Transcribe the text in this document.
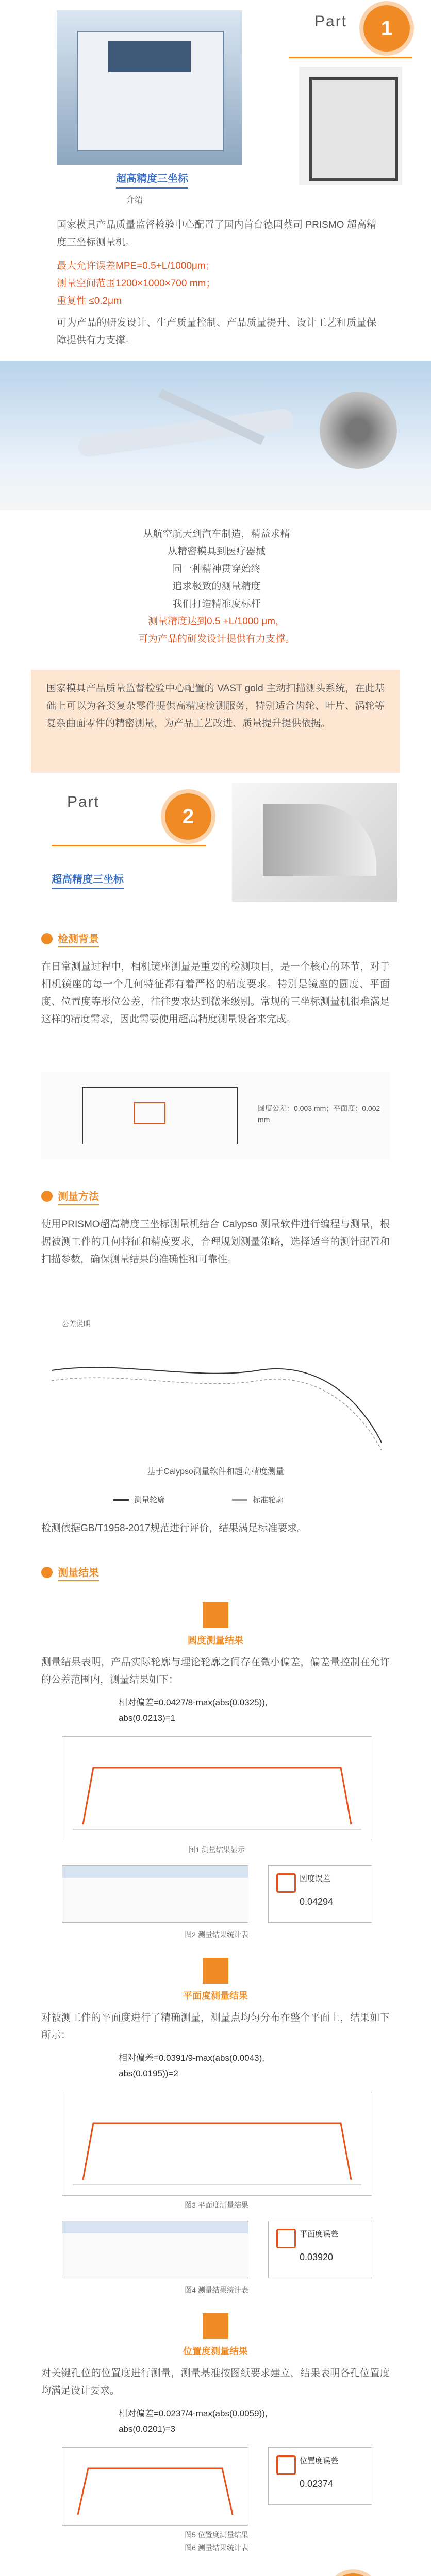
超高精度三坐标
介绍
Part	1
国家模具产品质量监督检验中心配置了国内首台德国蔡司 PRISMO 超高精度三坐标测量机。
最大允许误差MPE=0.5+L/1000μm；
测量空间范围1200×1000×700 mm；
重复性 ≤0.2μm
可为产品的研发设计、生产质量控制、产品质量提升、设计工艺和质量保障提供有力支撑。
从航空航天到汽车制造，精益求精
从精密模具到医疗器械
同一种精神贯穿始终
追求极致的测量精度
我们打造精准度标杆
测量精度达到0.5 +L/1000 μm，
可为产品的研发设计提供有力支撑。
国家模具产品质量监督检验中心配置的 VAST gold 主动扫描测头系统，在此基础上可以为各类复杂零件提供高精度检测服务，特别适合齿轮、叶片、涡轮等复杂曲面零件的精密测量，为产品工艺改进、质量提升提供依据。
Part
2
超高精度三坐标
检测背景
在日常测量过程中，相机镜座测量是重要的检测项目，是一个核心的环节，对于相机镜座的每一个几何特征都有着严格的精度要求。特别是镜座的圆度、平面度、位置度等形位公差，往往要求达到微米级别。常规的三坐标测量机很难满足这样的精度需求，因此需要使用超高精度测量设备来完成。
圆度公差：0.003 mm；平面度：0.002 mm
测量方法
使用PRISMO超高精度三坐标测量机结合 Calypso 测量软件进行编程与测量，根据被测工件的几何特征和精度要求，合理规划测量策略，选择适当的测针配置和扫描参数，确保测量结果的准确性和可靠性。
公差说明
基于Calypso测量软件和超高精度测量
测量轮廓	标准轮廓
检测依据GB/T1958-2017规范进行评价，结果满足标准要求。
测量结果
圆度测量结果
测量结果表明，产品实际轮廓与理论轮廓之间存在微小偏差，偏差量控制在允许的公差范围内，测量结果如下：
相对偏差=0.0427/8-max(abs(0.0325)),
abs(0.0213)=1
图1 测量结果显示
圆度误差
0.04294
图2 测量结果统计表
平面度测量结果
对被测工件的平面度进行了精确测量，测量点均匀分布在整个平面上，结果如下所示：
相对偏差=0.0391/9-max(abs(0.0043),
abs(0.0195))=2
图3 平面度测量结果
平面度误差
0.03920
图4 测量结果统计表
位置度测量结果
对关键孔位的位置度进行测量，测量基准按图纸要求建立，结果表明各孔位置度均满足设计要求。
相对偏差=0.0237/4-max(abs(0.0059)),
abs(0.0201)=3
位置度误差
0.02374
图5 位置度测量结果
图6 测量结果统计表
